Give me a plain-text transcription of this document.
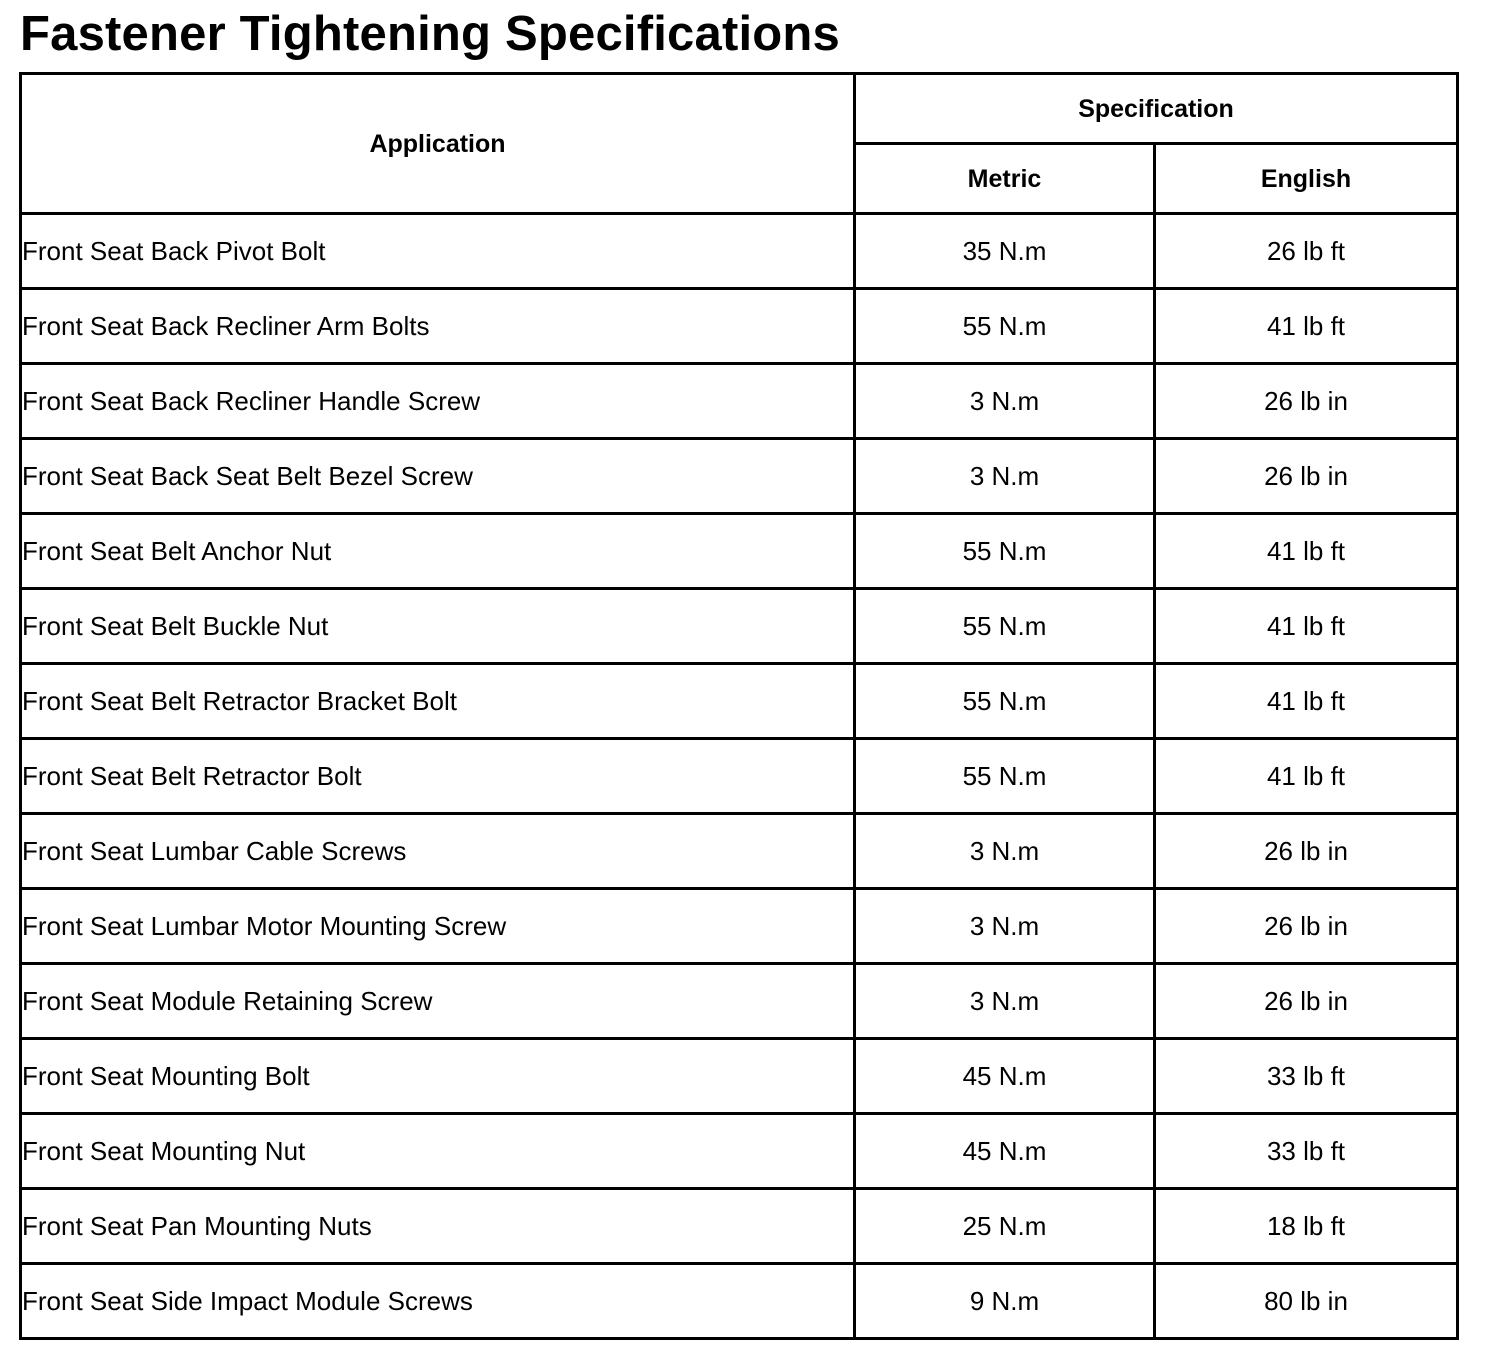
Fastener Tightening Specifications
Application	Specification	
	Metric	English
Front Seat Back Pivot Bolt	35 N.m	26 lb ft
Front Seat Back Recliner Arm Bolts	55 N.m	41 lb ft
Front Seat Back Recliner Handle Screw	3 N.m	26 lb in
Front Seat Back Seat Belt Bezel Screw	3 N.m	26 lb in
Front Seat Belt Anchor Nut	55 N.m	41 lb ft
Front Seat Belt Buckle Nut	55 N.m	41 lb ft
Front Seat Belt Retractor Bracket Bolt	55 N.m	41 lb ft
Front Seat Belt Retractor Bolt	55 N.m	41 lb ft
Front Seat Lumbar Cable Screws	3 N.m	26 lb in
Front Seat Lumbar Motor Mounting Screw	3 N.m	26 lb in
Front Seat Module Retaining Screw	3 N.m	26 lb in
Front Seat Mounting Bolt	45 N.m	33 lb ft
Front Seat Mounting Nut	45 N.m	33 lb ft
Front Seat Pan Mounting Nuts	25 N.m	18 lb ft
Front Seat Side Impact Module Screws	9 N.m	80 lb in
